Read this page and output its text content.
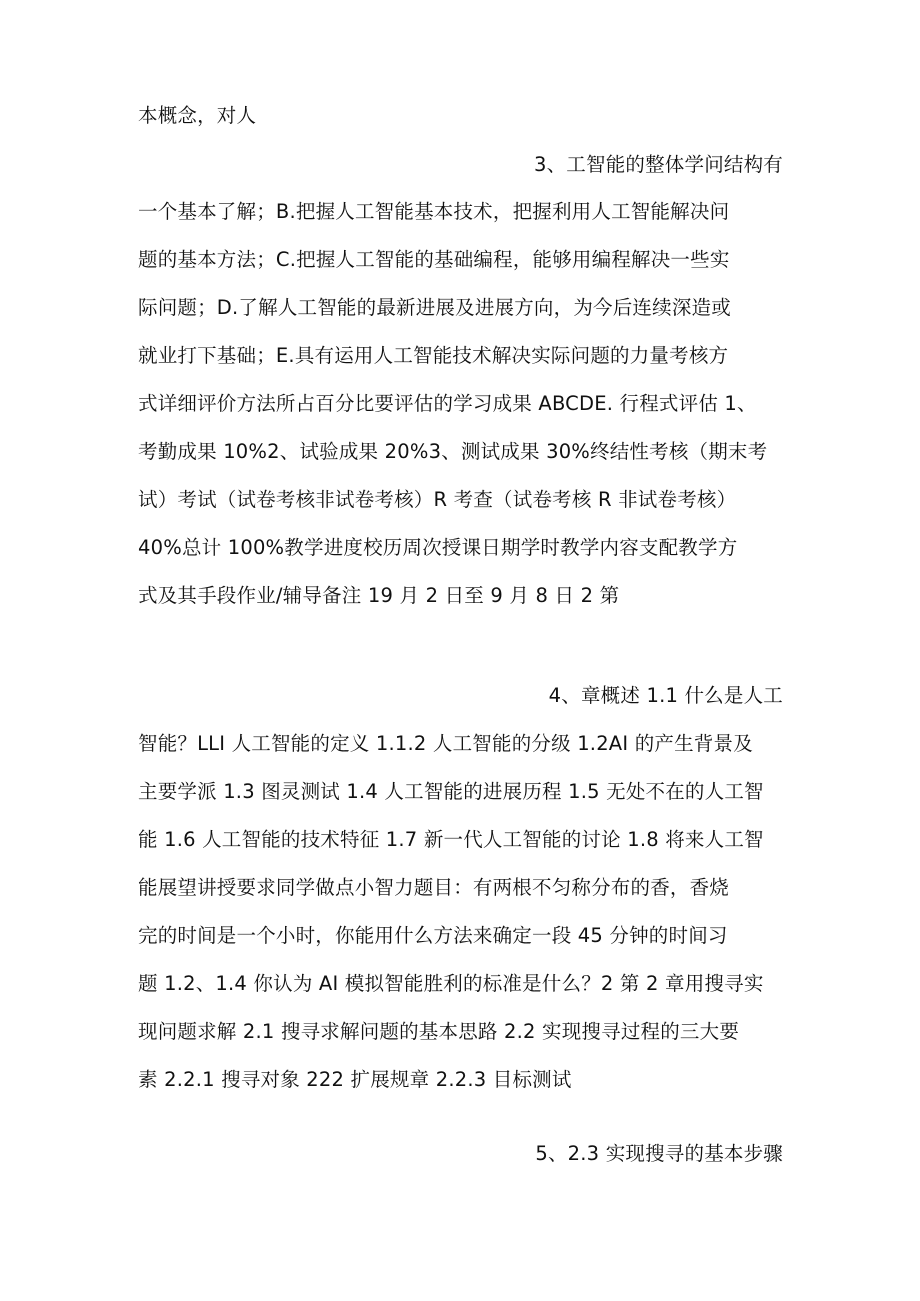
本概念，对人
3、工智能的整体学问结构有
一个基本了解；B.把握人工智能基本技术，把握利用人工智能解决问
题的基本方法；C.把握人工智能的基础编程，能够用编程解决一些实
际问题；D.了解人工智能的最新进展及进展方向，为今后连续深造或
就业打下基础；E.具有运用人工智能技术解决实际问题的力量考核方
式详细评价方法所占百分比要评估的学习成果 ABCDE. 行程式评估 1、
考勤成果 10%2、试验成果 20%3、测试成果 30%终结性考核（期末考
试）考试（试卷考核非试卷考核）R 考查（试卷考核 R 非试卷考核）
40%总计 100%教学进度校历周次授课日期学时教学内容支配教学方
式及其手段作业/辅导备注 19 月 2 日至 9 月 8 日 2 第
4、章概述 1.1 什么是人工
智能？LLI 人工智能的定义 1.1.2 人工智能的分级 1.2AI 的产生背景及
主要学派 1.3 图灵测试 1.4 人工智能的进展历程 1.5 无处不在的人工智
能 1.6 人工智能的技术特征 1.7 新一代人工智能的讨论 1.8 将来人工智
能展望讲授要求同学做点小智力题目：有两根不匀称分布的香，香烧
完的时间是一个小时，你能用什么方法来确定一段 45 分钟的时间习
题 1.2、1.4 你认为 AI 模拟智能胜利的标准是什么？2 第 2 章用搜寻实
现问题求解 2.1 搜寻求解问题的基本思路 2.2 实现搜寻过程的三大要
素 2.2.1 搜寻对象 222 扩展规章 2.2.3 目标测试
5、2.3 实现搜寻的基本步骤
